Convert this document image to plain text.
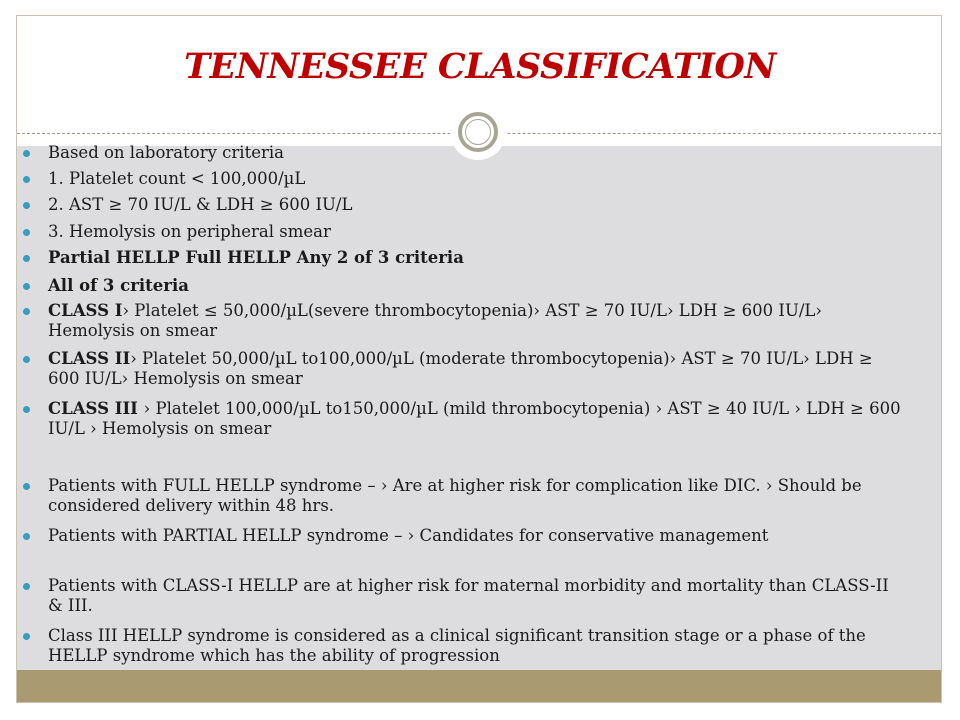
TENNESSEE CLASSIFICATION
Based on laboratory criteria
1. Platelet count < 100,000/µL
2. AST ≥ 70 IU/L & LDH ≥ 600 IU/L
3. Hemolysis on peripheral smear
Partial HELLP Full HELLP Any 2 of 3 criteria
All of 3 criteria
CLASS I› Platelet ≤ 50,000/µL(severe thrombocytopenia)› AST ≥ 70 IU/L› LDH ≥ 600 IU/L› Hemolysis on smear
CLASS II› Platelet 50,000/µL to100,000/µL (moderate thrombocytopenia)› AST ≥ 70 IU/L› LDH ≥ 600 IU/L› Hemolysis on smear
CLASS III › Platelet 100,000/µL to150,000/µL (mild thrombocytopenia) › AST ≥ 40 IU/L › LDH ≥ 600 IU/L › Hemolysis on smear
Patients with FULL HELLP syndrome – › Are at higher risk for complication like DIC. › Should be considered delivery within 48 hrs.
Patients with PARTIAL HELLP syndrome – › Candidates for conservative management
Patients with CLASS-I HELLP are at higher risk for maternal morbidity and mortality than CLASS-II & III.
Class III HELLP syndrome is considered as a clinical significant transition stage or a phase of the HELLP syndrome which has the ability of progression
